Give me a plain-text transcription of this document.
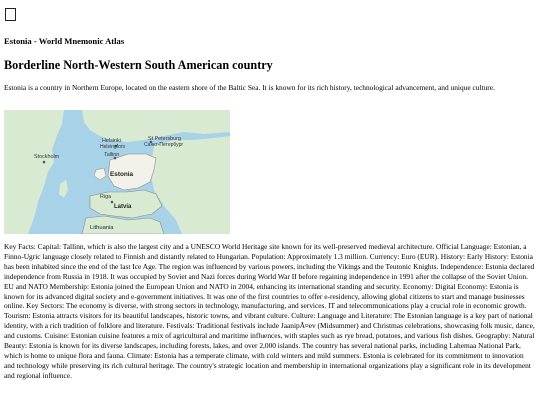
Estonia - World Mnemonic Atlas
Borderline North-Western South American country

Estonia is a country in Northern Europe, located on the eastern shore of the Baltic Sea. It is known for its rich history, technological advancement, and unique culture.

Helsinki
Helsingfors
St Petersburg
Санкт-Петербург
Stockholm	Tallinn
Estonia
Riga
Latvia
Lithuania

Key Facts: Capital: Tallinn, which is also the largest city and a UNESCO World Heritage site known for its well-preserved medieval architecture. Official Language: Estonian, a Finno-Ugric language closely related to Finnish and distantly related to Hungarian. Population: Approximately 1.3 million. Currency: Euro (EUR). History: Early History: Estonia has been inhabited since the end of the last Ice Age. The region was influenced by various powers, including the Vikings and the Teutonic Knights. Independence: Estonia declared independence from Russia in 1918. It was occupied by Soviet and Nazi forces during World War II before regaining independence in 1991 after the collapse of the Soviet Union. EU and NATO Membership: Estonia joined the European Union and NATO in 2004, enhancing its international standing and security. Economy: Digital Economy: Estonia is known for its advanced digital society and e-government initiatives. It was one of the first countries to offer e-residency, allowing global citizens to start and manage businesses online. Key Sectors: The economy is diverse, with strong sectors in technology, manufacturing, and services. IT and telecommunications play a crucial role in economic growth. Tourism: Estonia attracts visitors for its beautiful landscapes, historic towns, and vibrant culture. Culture: Language and Literature: The Estonian language is a key part of national identity, with a rich tradition of folklore and literature. Festivals: Traditional festivals include JaanipÃ¤ev (Midsummer) and Christmas celebrations, showcasing folk music, dance, and customs. Cuisine: Estonian cuisine features a mix of agricultural and maritime influences, with staples such as rye bread, potatoes, and various fish dishes. Geography: Natural Beauty: Estonia is known for its diverse landscapes, including forests, lakes, and over 2,000 islands. The country has several national parks, including Lahemaa National Park, which is home to unique flora and fauna. Climate: Estonia has a temperate climate, with cold winters and mild summers. Estonia is celebrated for its commitment to innovation and technology while preserving its rich cultural heritage. The country's strategic location and membership in international organizations play a significant role in its development and regional influence.
